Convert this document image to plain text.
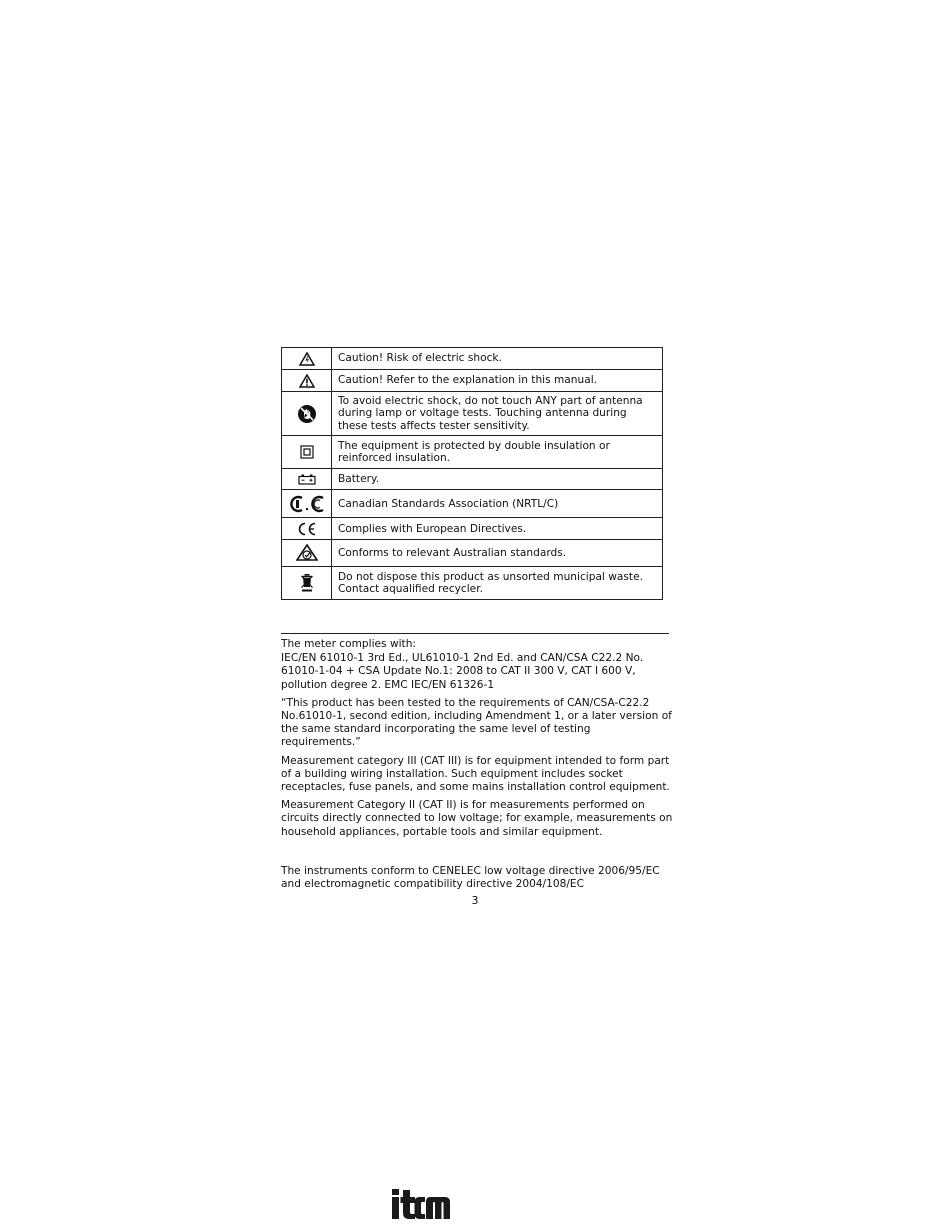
	Caution! Risk of electric shock.

	Caution! Refer to the explanation in this manual.

	To avoid electric shock, do not touch ANY part of antenna during lamp or voltage tests. Touching antenna during these tests affects tester sensitivity.

	The equipment is protected by double insulation or reinforced insulation.

	Battery.

	Canadian Standards Association (NRTL/C)

	Complies with European Directives.

	Conforms to relevant Australian standards.

	Do not dispose this product as unsorted municipal waste. Contact aqualified recycler.

The meter complies with:

IEC/EN 61010-1 3rd Ed., UL61010-1 2nd Ed. and CAN/CSA C22.2 No. 61010-1-04 + CSA Update No.1: 2008 to CAT II 300 V, CAT I 600 V, pollution degree 2. EMC IEC/EN 61326-1

“This product has been tested to the requirements of CAN/CSA-C22.2 No.61010-1, second edition, including Amendment 1, or a later version of the same standard incorporating the same level of testing requirements.”

Measurement category III (CAT III) is for equipment intended to form part of a building wiring installation. Such equipment includes socket receptacles, fuse panels, and some mains installation control equipment.

Measurement Category II (CAT II) is for measurements performed on circuits directly connected to low voltage; for example, measurements on household appliances, portable tools and similar equipment.

The instruments conform to CENELEC low voltage directive 2006/95/EC and electromagnetic compatibility directive 2004/108/EC

3
